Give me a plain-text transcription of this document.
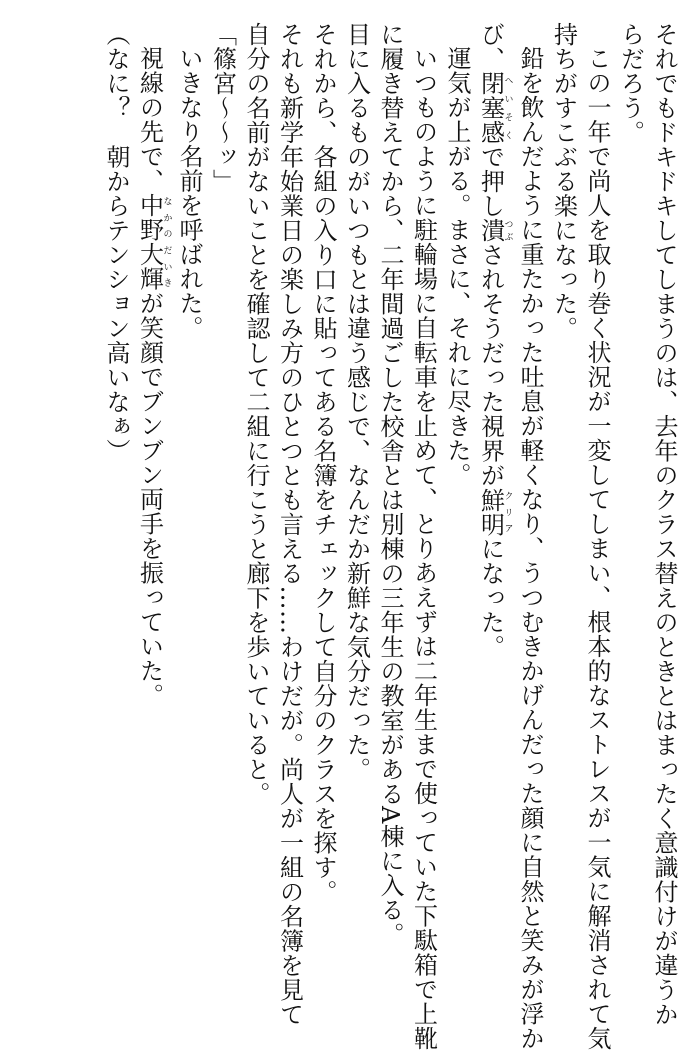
それでもドキドキしてしまうのは、去年のクラス替えのときとはまったく意識付けが違うか
らだろう。
この一年で尚人を取り巻く状況が一変してしまい、根本的なストレスが一気に解消されて気
持ちがすこぶる楽になった。
鉛を飲んだように重たかった吐息が軽くなり、うつむきかげんだった顔に自然と笑みが浮か
び、閉塞感へいそくで押し潰つぶされそうだった視界が鮮明クリアになった。
運気が上がる。まさに、それに尽きた。
いつものように駐輪場に自転車を止めて、とりあえずは二年生まで使っていた下駄箱で上靴
に履き替えてから、二年間過ごした校舎とは別棟の三年生の教室があるA棟に入る。
目に入るものがいつもとは違う感じで、なんだか新鮮な気分だった。
それから、各組の入り口に貼ってある名簿をチェックして自分のクラスを探す。
それも新学年始業日の楽しみ方のひとつとも言える……わけだが。尚人が一組の名簿を見て
自分の名前がないことを確認して二組に行こうと廊下を歩いていると。
「篠宮〜〜ッ」
いきなり名前を呼ばれた。
視線の先で、中野大輝なかのだいきが笑顔でブンブン両手を振っていた。
（なに？　朝からテンション高いなぁ）
